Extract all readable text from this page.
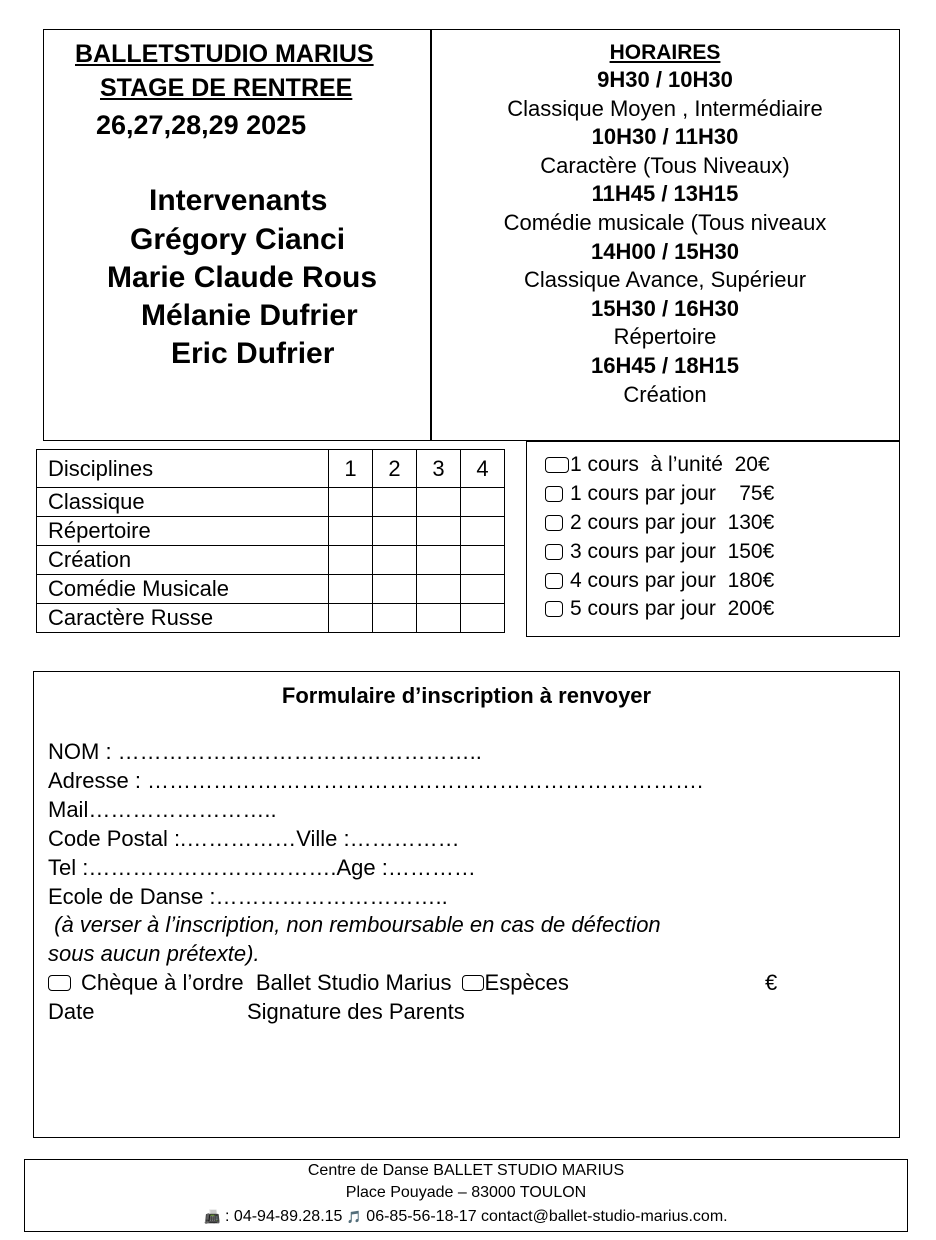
BALLETSTUDIO MARIUS
STAGE DE RENTREE
26,27,28,29 2025
Intervenants
Grégory Cianci
Marie Claude Rous
Mélanie Dufrier
Eric Dufrier
HORAIRES
9H30 / 10H30
Classique Moyen , Intermédiaire
10H30 / 11H30
Caractère (Tous Niveaux)
11H45 / 13H15
Comédie musicale (Tous niveaux
14H00 / 15H30
Classique Avance, Supérieur
15H30 / 16H30
Répertoire
16H45 / 18H15
Création
Disciplines	1	2	3	4
Classique				
Répertoire				
Création				
Comédie Musicale				
Caractère Russe				
1 cours  à l’unité  20€
1 cours par jour    75€
2 cours par jour  130€
3 cours par jour  150€
4 cours par jour  180€
5 cours par jour  200€
Formulaire d’inscription à renvoyer
NOM : …………………………………………..
Adresse : ………………………………………………………………….
Mail……………………..
Code Postal :.……………Ville :……………
Tel :…………………………….Age :…………
Ecole de Danse :…………………………..
(à verser à l’inscription, non remboursable en cas de défection
sous aucun prétexte).
Chèque à l’ordre  Ballet Studio Marius Espèces	€
Date	Signature des Parents
Centre de Danse BALLET STUDIO MARIUS
Place Pouyade – 83000 TOULON
📠 : 04-94-89.28.15 🎵 06-85-56-18-17 contact@ballet-studio-marius.com.
